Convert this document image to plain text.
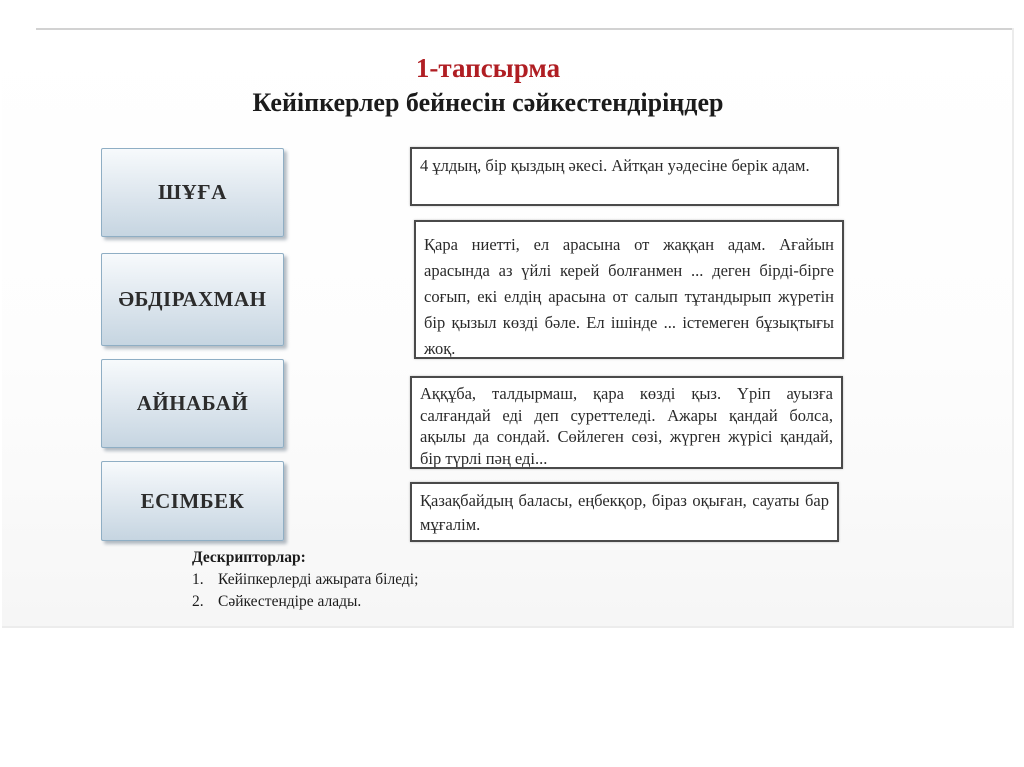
1-тапсырма
Кейіпкерлер бейнесін сәйкестендіріңдер
ШҰҒА
ӘБДІРАХМАН
АЙНАБАЙ
ЕСІМБЕК
4 ұлдың, бір қыздың әкесі. Айтқан уәдесіне берік адам.
Қара ниетті, ел арасына от жаққан адам. Ағайын арасында аз үйлі керей болғанмен ... деген бірді-бірге соғып, екі елдің арасына от салып тұтандырып жүретін бір қызыл көзді бәле. Ел ішінде ... істемеген бұзықтығы жоқ.
Аққұба, талдырмаш, қара көзді қыз. Үріп ауызға салғандай еді деп суреттеледі. Ажары қандай болса, ақылы да сондай. Сөйлеген сөзі, жүрген жүрісі қандай, бір түрлі пәң еді...
Қазақбайдың баласы, еңбекқор, біраз оқыған, сауаты бар мұғалім.
Дескрипторлар:
1. Кейіпкерлерді ажырата біледі;
2. Сәйкестендіре алады.
